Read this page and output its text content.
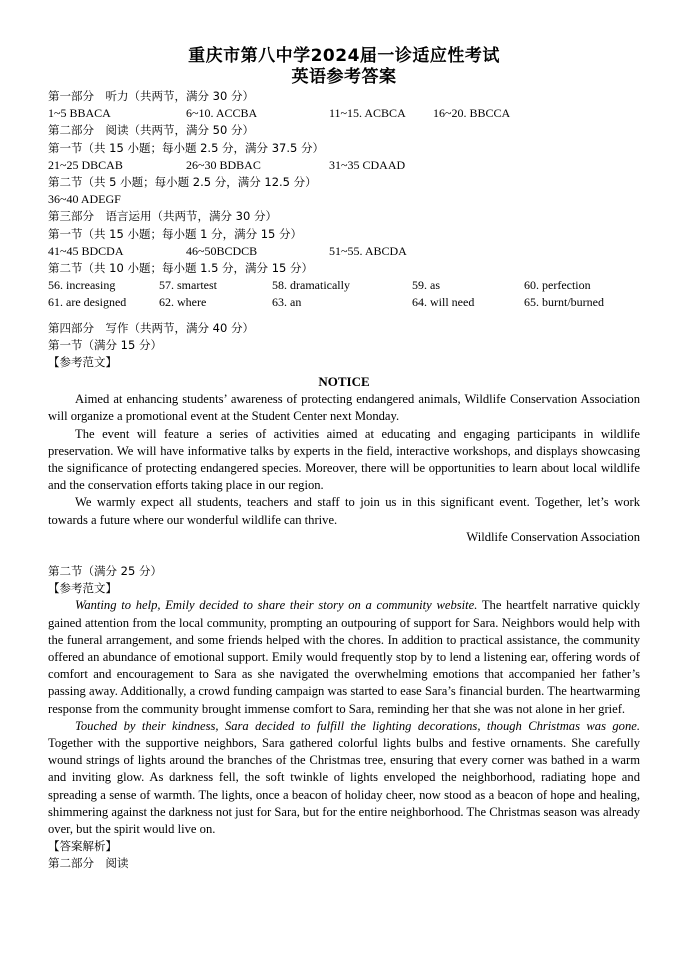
重庆市第八中学2024届一诊适应性考试
英语参考答案
第一部分　听力（共两节，满分 30 分）
1~5 BBACA	6~10. ACCBA	11~15. ACBCA 16~20. BBCCA
第二部分　阅读（共两节，满分 50 分）
第一节（共 15 小题；每小题 2.5 分，满分 37.5 分）
21~25 DBCAB	26~30 BDBAC	31~35 CDAAD
第二节（共 5 小题；每小题 2.5 分，满分 12.5 分）
36~40 ADEGF
第三部分　语言运用（共两节，满分 30 分）
第一节（共 15 小题；每小题 1 分，满分 15 分）
41~45 BDCDA	46~50BCDCB	51~55. ABCDA
第二节（共 10 小题；每小题 1.5 分，满分 15 分）
56. increasing	57. smartest	58. dramatically	59. as	60. perfection
61. are designed	62. where	63. an	64. will need	65. burnt/burned
第四部分　写作（共两节，满分 40 分）
第一节（满分 15 分）
【参考范文】
NOTICE

Aimed at enhancing students’ awareness of protecting endangered animals, Wildlife Conservation Association will organize a promotional event at the Student Center next Monday.

The event will feature a series of activities aimed at educating and engaging participants in wildlife preservation. We will have informative talks by experts in the field, interactive workshops, and displays showcasing the significance of protecting endangered species. Moreover, there will be opportunities to learn about local wildlife and the conservation efforts taking place in our region.

We warmly expect all students, teachers and staff to join us in this significant event. Together, let’s work towards a future where our wonderful wildlife can thrive.

Wildlife Conservation Association
第二节（满分 25 分）
【参考范文】

Wanting to help, Emily decided to share their story on a community website. The heartfelt narrative quickly gained attention from the local community, prompting an outpouring of support for Sara. Neighbors would help with the funeral arrangement, and some friends helped with the chores. In addition to practical assistance, the community offered an abundance of emotional support. Emily would frequently stop by to lend a listening ear, offering words of comfort and encouragement to Sara as she navigated the overwhelming emotions that accompanied her father’s passing away. Additionally, a crowd funding campaign was started to ease Sara’s financial burden. The heartwarming response from the community brought immense comfort to Sara, reminding her that she was not alone in her grief.

Touched by their kindness, Sara decided to fulfill the lighting decorations, though Christmas was gone. Together with the supportive neighbors, Sara gathered colorful lights bulbs and festive ornaments. She carefully wound strings of lights around the branches of the Christmas tree, ensuring that every corner was bathed in a warm and inviting glow. As darkness fell, the soft twinkle of lights enveloped the neighborhood, radiating hope and spreading a sense of warmth. The lights, once a beacon of holiday cheer, now stood as a beacon of hope and healing, shimmering against the darkness not just for Sara, but for the entire neighborhood. The Christmas season was already over, but the spirit would live on.

【答案解析】
第二部分　阅读
